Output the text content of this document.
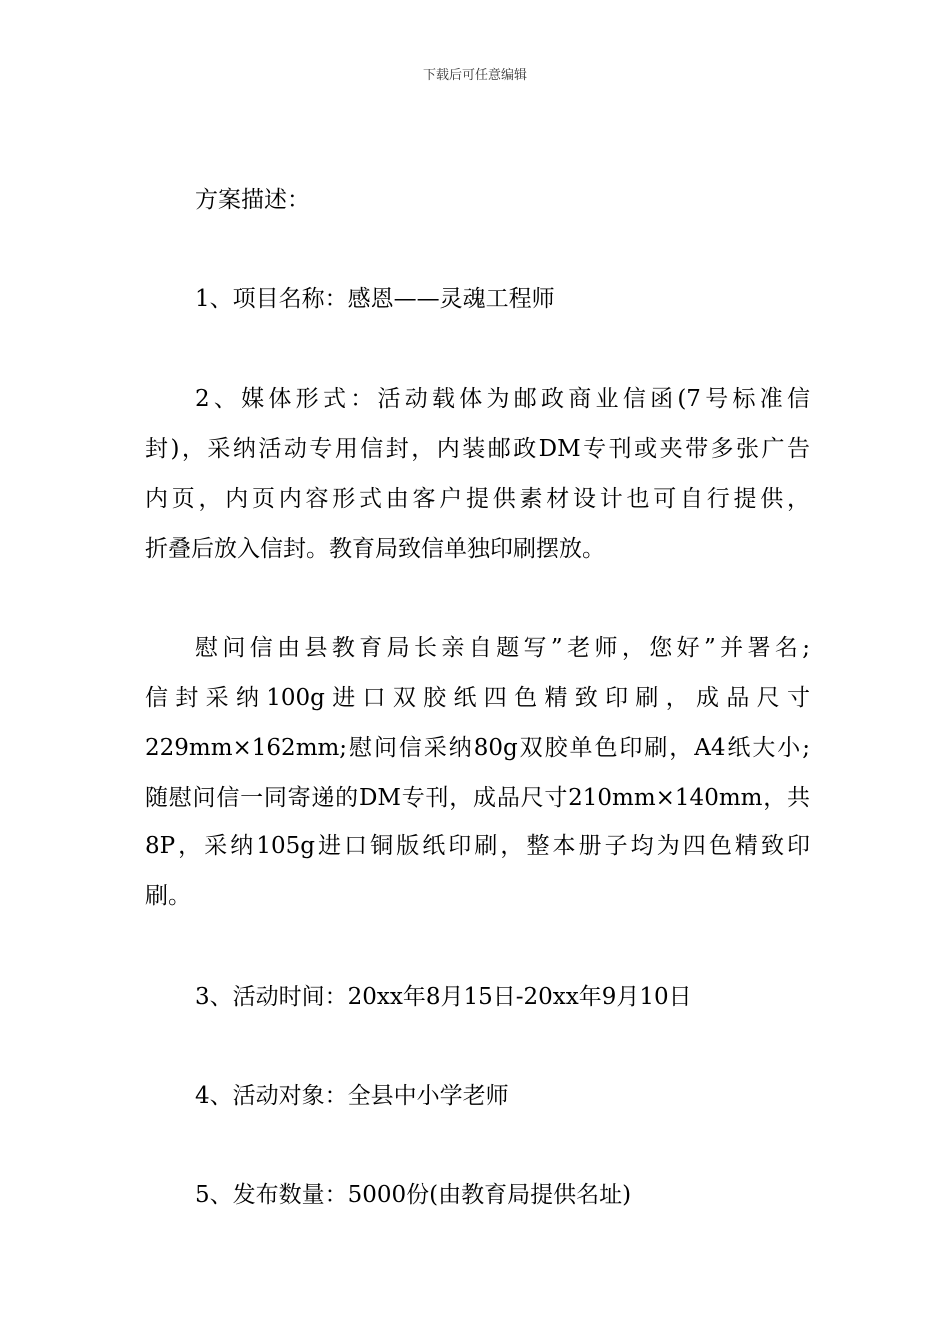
下载后可任意编辑
方案描述：
1、项目名称：感恩——灵魂工程师
2、媒体形式：活动载体为邮政商业信函(7号标准信
封)，采纳活动专用信封，内装邮政DM专刊或夹带多张广告
内页，内页内容形式由客户提供素材设计也可自行提供，
折叠后放入信封。教育局致信单独印刷摆放。
慰问信由县教育局长亲自题写”老师，您好”并署名;
信封采纳100g进口双胶纸四色精致印刷，成品尺寸
229mm×162mm;慰问信采纳80g双胶单色印刷，A4纸大小;
随慰问信一同寄递的DM专刊，成品尺寸210mm×140mm，共
8P，采纳105g进口铜版纸印刷，整本册子均为四色精致印
刷。
3、活动时间：20xx年8月15日-20xx年9月10日
4、活动对象：全县中小学老师
5、发布数量：5000份(由教育局提供名址)
